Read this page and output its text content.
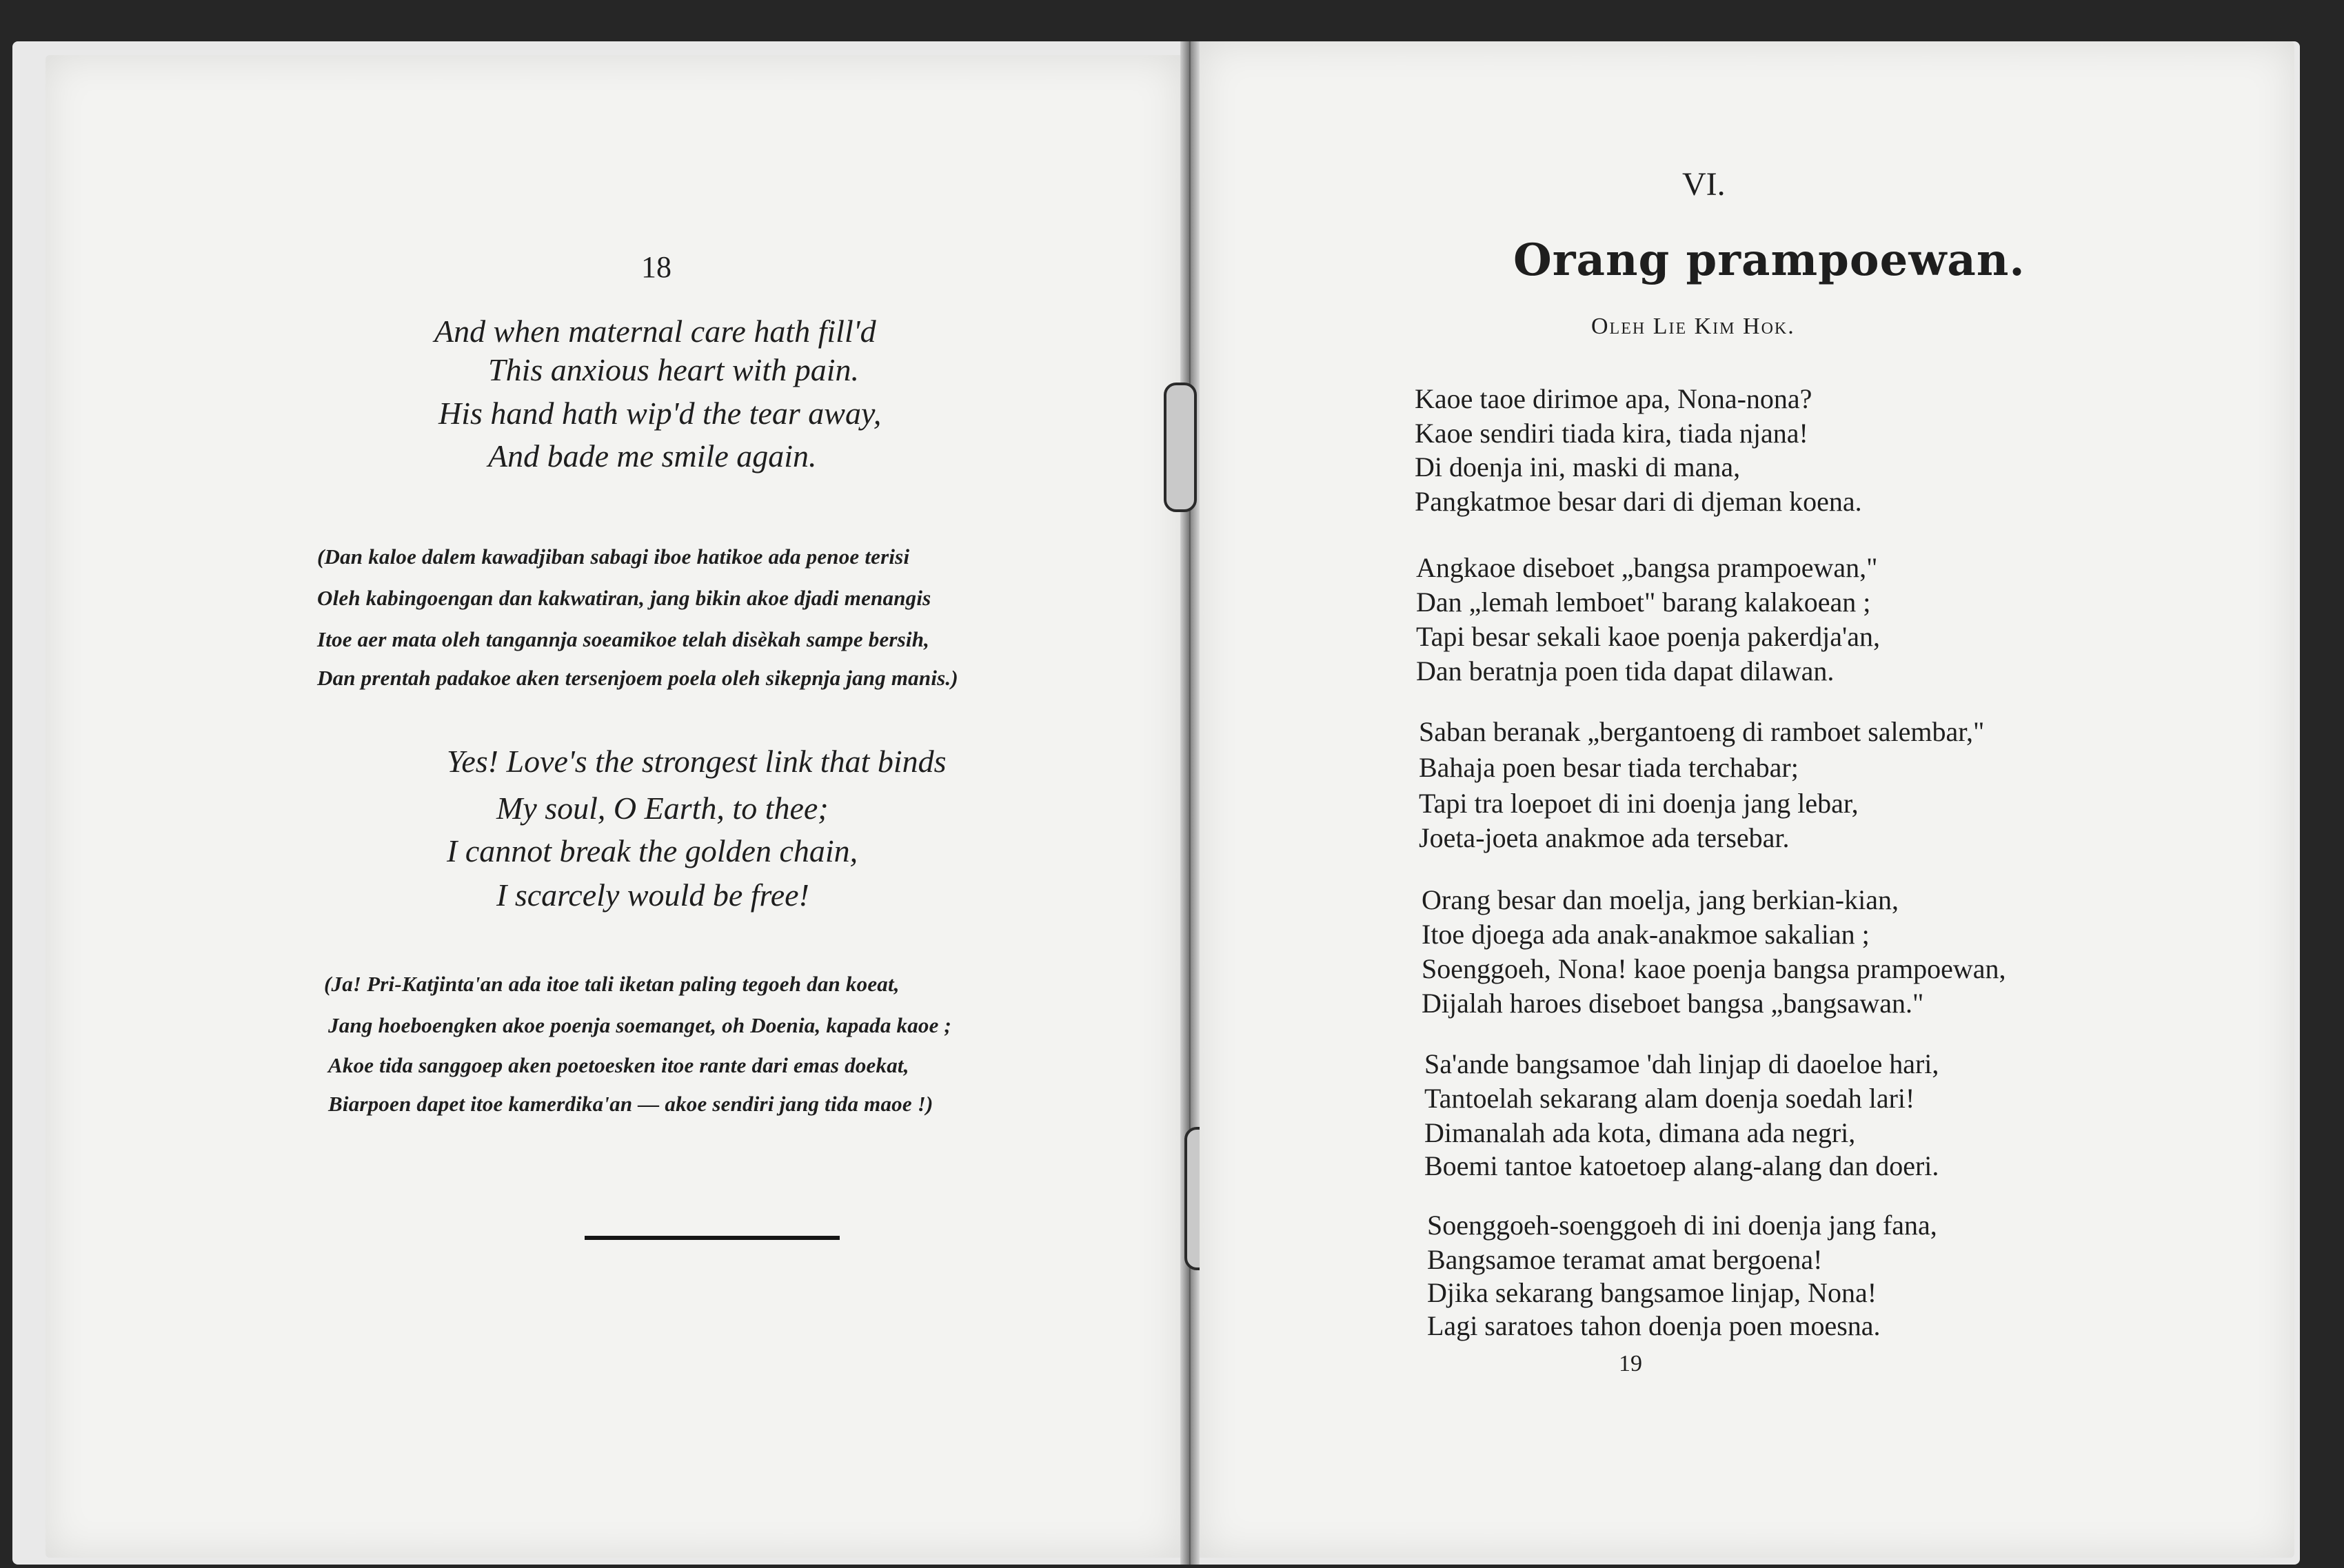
18
And when maternal care hath fill'd
This anxious heart with pain.
His hand hath wip'd the tear away,
And bade me smile again.
(Dan kaloe dalem kawadjiban sabagi iboe hatikoe ada penoe terisi
Oleh kabingoengan dan kakwatiran, jang bikin akoe djadi menangis
Itoe aer mata oleh tangannja soeamikoe telah disèkah sampe bersih,
Dan prentah padakoe aken tersenjoem poela oleh sikepnja jang manis.)
Yes! Love's the strongest link that binds
My soul, O Earth, to thee;
I cannot break the golden chain,
I scarcely would be free!
(Ja! Pri-Katjinta'an ada itoe tali iketan paling tegoeh dan koeat,
Jang hoeboengken akoe poenja soemanget, oh Doenia, kapada kaoe ;
Akoe tida sanggoep aken poetoesken itoe rante dari emas doekat,
Biarpoen dapet itoe kamerdika'an — akoe sendiri jang tida maoe !)
VI.
Orang prampoewan.
Oleh Lie Kim Hok.
Kaoe taoe dirimoe apa, Nona-nona?
Kaoe sendiri tiada kira, tiada njana!
Di doenja ini, maski di mana,
Pangkatmoe besar dari di djeman koena.
Angkaoe diseboet „bangsa prampoewan,"
Dan „lemah lemboet" barang kalakoean ;
Tapi besar sekali kaoe poenja pakerdja'an,
Dan beratnja poen tida dapat dilawan.
Saban beranak „bergantoeng di ramboet salembar,"
Bahaja poen besar tiada terchabar;
Tapi tra loepoet di ini doenja jang lebar,
Joeta-joeta anakmoe ada tersebar.
Orang besar dan moelja, jang berkian-kian,
Itoe djoega ada anak-anakmoe sakalian ;
Soenggoeh, Nona! kaoe poenja bangsa prampoewan,
Dijalah haroes diseboet bangsa „bangsawan."
Sa'ande bangsamoe 'dah linjap di daoeloe hari,
Tantoelah sekarang alam doenja soedah lari!
Dimanalah ada kota, dimana ada negri,
Boemi tantoe katoetoep alang-alang dan doeri.
Soenggoeh-soenggoeh di ini doenja jang fana,
Bangsamoe teramat amat bergoena!
Djika sekarang bangsamoe linjap, Nona!
Lagi saratoes tahon doenja poen moesna.
19
